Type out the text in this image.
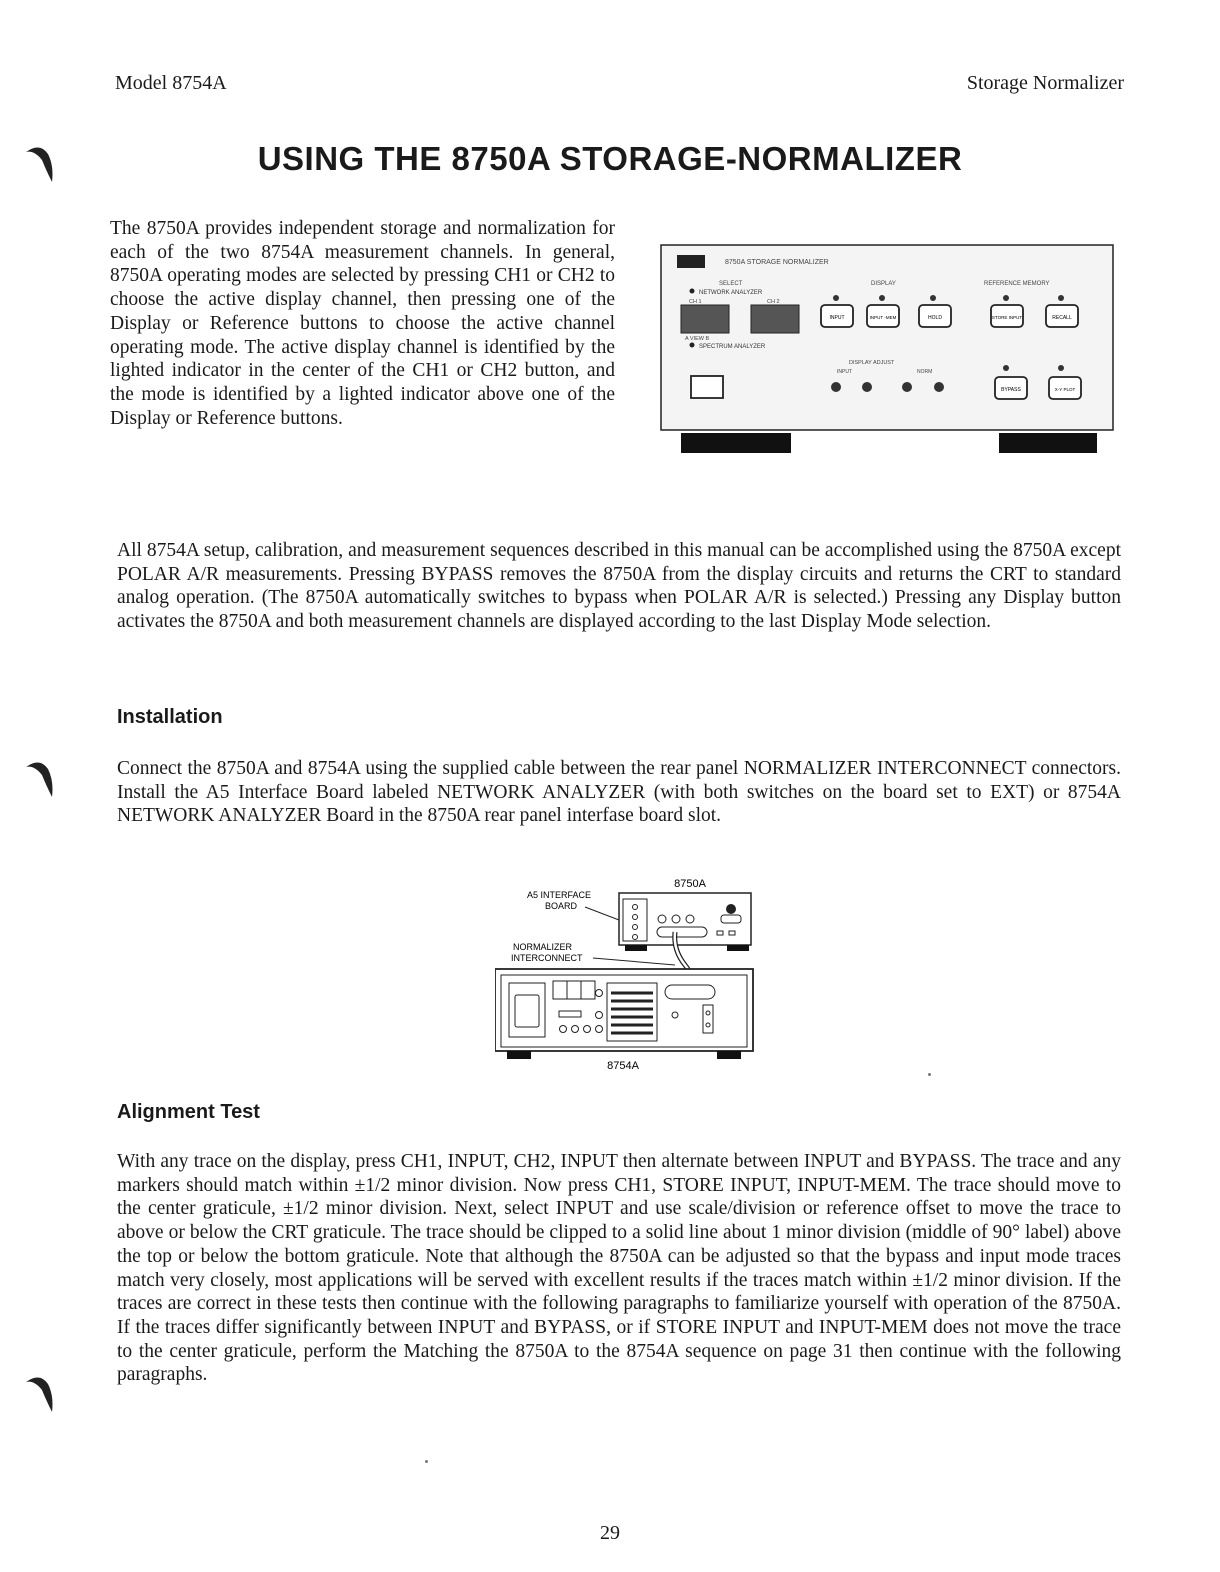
Model 8754A	Storage Normalizer
USING THE 8750A STORAGE-NORMALIZER
The 8750A provides independent storage and normalization for each of the two 8754A measurement channels. In general, 8750A operating modes are selected by pressing CH1 or CH2 to choose the active display channel, then pressing one of the Display or Reference buttons to choose the active channel operating mode. The active display channel is identified by the lighted indicator in the center of the CH1 or CH2 button, and the mode is identified by a lighted indicator above one of the Display or Reference buttons.
8750A STORAGE NORMALIZER
SELECT
NETWORK ANALYZER
CH 1	CH 2
A VIEW B
SPECTRUM ANALYZER
DISPLAY	REFERENCE MEMORY
INPUT	INPUT -MEM	HOLD	STORE INPUT	RECALL
DISPLAY ADJUST
INPUT	NORM
BYPASS	X-Y PLOT
All 8754A setup, calibration, and measurement sequences described in this manual can be accomplished using the 8750A except POLAR A/R measurements. Pressing BYPASS removes the 8750A from the display circuits and returns the CRT to standard analog operation. (The 8750A automatically switches to bypass when POLAR A/R is selected.) Pressing any Display button activates the 8750A and both measurement channels are displayed according to the last Display Mode selection.
Installation
Connect the 8750A and 8754A using the supplied cable between the rear panel NORMALIZER INTERCONNECT connectors. Install the A5 Interface Board labeled NETWORK ANALYZER (with both switches on the board set to EXT) or 8754A NETWORK ANALYZER Board in the 8750A rear panel interfase board slot.
8750A
A5 INTERFACE
BOARD
NORMALIZER
INTERCONNECT
8754A
Alignment Test
With any trace on the display, press CH1, INPUT, CH2, INPUT then alternate between INPUT and BYPASS. The trace and any markers should match within ±1/2 minor division. Now press CH1, STORE INPUT, INPUT-MEM. The trace should move to the center graticule, ±1/2 minor division. Next, select INPUT and use scale/division or reference offset to move the trace to above or below the CRT graticule. The trace should be clipped to a solid line about 1 minor division (middle of 90° label) above the top or below the bottom graticule. Note that although the 8750A can be adjusted so that the bypass and input mode traces match very closely, most applications will be served with excellent results if the traces match within ±1/2 minor division. If the traces are correct in these tests then continue with the following paragraphs to familiarize yourself with operation of the 8750A. If the traces differ significantly between INPUT and BYPASS, or if STORE INPUT and INPUT-MEM does not move the trace to the center graticule, perform the Matching the 8750A to the 8754A sequence on page 31 then continue with the following paragraphs.
29
